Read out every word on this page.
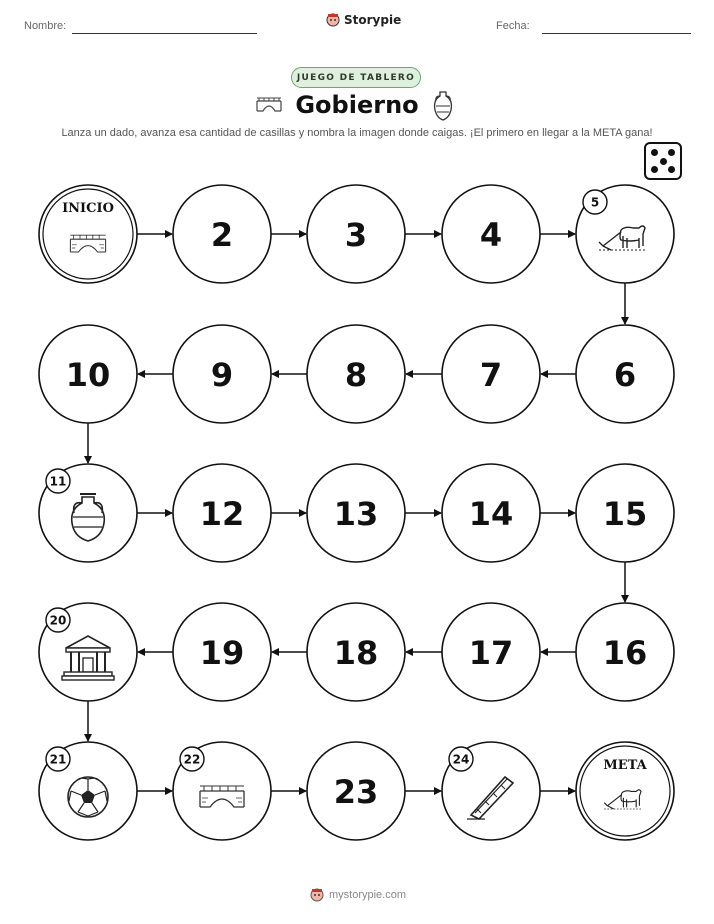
Nombre:	Storypie	Fecha:
JUEGO DE TABLERO
Gobierno
Lanza un dado, avanza esa cantidad de casillas y nombra la imagen donde caigas. ¡El primero en llegar a la META gana!
INICIO
2	3	4
5
6
7
8
9
10
11
12	13	14	15
16
17
18
19
20
21	22
23
24	META
mystorypie.com
